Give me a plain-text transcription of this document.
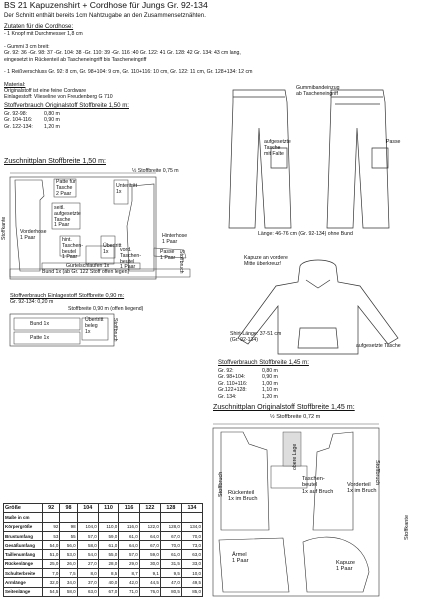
BS 21 Kapuzenshirt + Cordhose für Jungs Gr. 92-134
Der Schnitt enthält bereits 1cm Nahtzugabe an den Zusammensetznähten.
Zutaten für die Cordhose:
- 1 Knopf mit Durchmesser 1,8 cm

- Gummi 3 cm breit:
Gr. 92: 36 -Gr. 98: 37 -Gr. 104: 38 -Gr. 110: 39 -Gr. 116 :40 Gr. 122: 41 Gr. 128: 42 Gr. 134: 43 cm lang,
eingesetzt in Rückenteil ab Tascheneingriff bis Tascheneingriff

- 1 Reißverschluss Gr. 92: 8 cm, Gr. 98+104: 9 cm, Gr. 110+116: 10 cm, Gr. 122: 11 cm, Gr. 128+134: 12 cm
Material:
Originalstoff ist eine feine Cordware
Einlagestoff: Vlieseline von Freudenberg G 710
Stoffverbrauch Originalstoff Stoffbreite 1,50 m:
Gr. 92-98:	0,80 m
Gr. 104-116: 0,90 m
Gr. 122-134: 1,20 m
Zuschnittplan Stoffbreite 1,50 m:
½ Stoffbreite 0,75 m
Stoffkante
Stoffbruch
Patte für
Tasche
2 Paar
Unteritritt
1x
seitl.
aufgesetzte
Tasche
1 Paar
Vorderhose
1 Paar	hint.
Taschen-
beutel
1 Paar
Übertritt
1x
Hinterhose
1 Paar
vord.
Taschen-
beutel
1 Paar
Gürtelschlaufen 1x
Passe
1 Paar
Bund 1x (ab Gr. 122 Stoff offen legen)
Stoffverbrauch Einlagestoff Stoffbreite 0,90 m:
Gr. 92-134: 0,20 m
Stoffbreite 0,90 m (offen liegend)
Bund 1x
Übertritt
beleg
1x
Patte 1x	Stoffbruch
Gummibandeinzug
ab Tascheneingriff
Passe
aufgesetzte
Tasche
mit Falte
Länge: 46-76 cm (Gr. 92-134) ohne Bund
Kapuze an vordere
Mitte überkreuz!
Shirt-Länge: 37-51 cm
(Gr. 92-134)
aufgesetzte Tasche
Stoffverbrauch Stoffbreite 1,45 m:
Gr. 92:	0,80 m
Gr. 98+104:	0,90 m
Gr. 110+116:	1,00 m
Gr.122+128:	1,10 m
Gr. 134:	1,20 m
Zuschnittplan Originalstoff Stoffbreite 1,45 m:
½ Stoffbreite 0,72 m
Stoffbruch	Stoffbruch
Stoffkante
obere Lage
Taschen-
beutel
1x auf Bruch
Vorderteil
1x im Bruch
Rückenteil
1x im Bruch
Ärmel
1 Paar	Kapuze
1 Paar
Größe	92	98	104	110	116	122	128	134
Maße in cm								
Körpergröße	92	98	104,0	110,0	116,0	122,0	128,0	134,0
Brustumfang	53	55	57,0	59,0	61,0	64,0	67,0	70,0
Gesäßumfang	54,0	56,0	58,0	61,0	64,0	67,0	70,0	73,0
Taillenumfang	51,0	53,0	54,0	55,0	57,0	59,0	61,0	63,0
Rückenlänge	25,0	26,0	27,0	28,0	29,0	30,0	31,5	33,0
Schulterbreite	7,0	7,5	8,0	8,5	8,7	9,1	9,5	10,0
Armlänge	32,0	34,0	37,0	40,0	42,0	44,5	47,0	49,5
Seitenlänge	54,5	58,0	63,0	67,0	71,0	76,0	80,5	85,0
